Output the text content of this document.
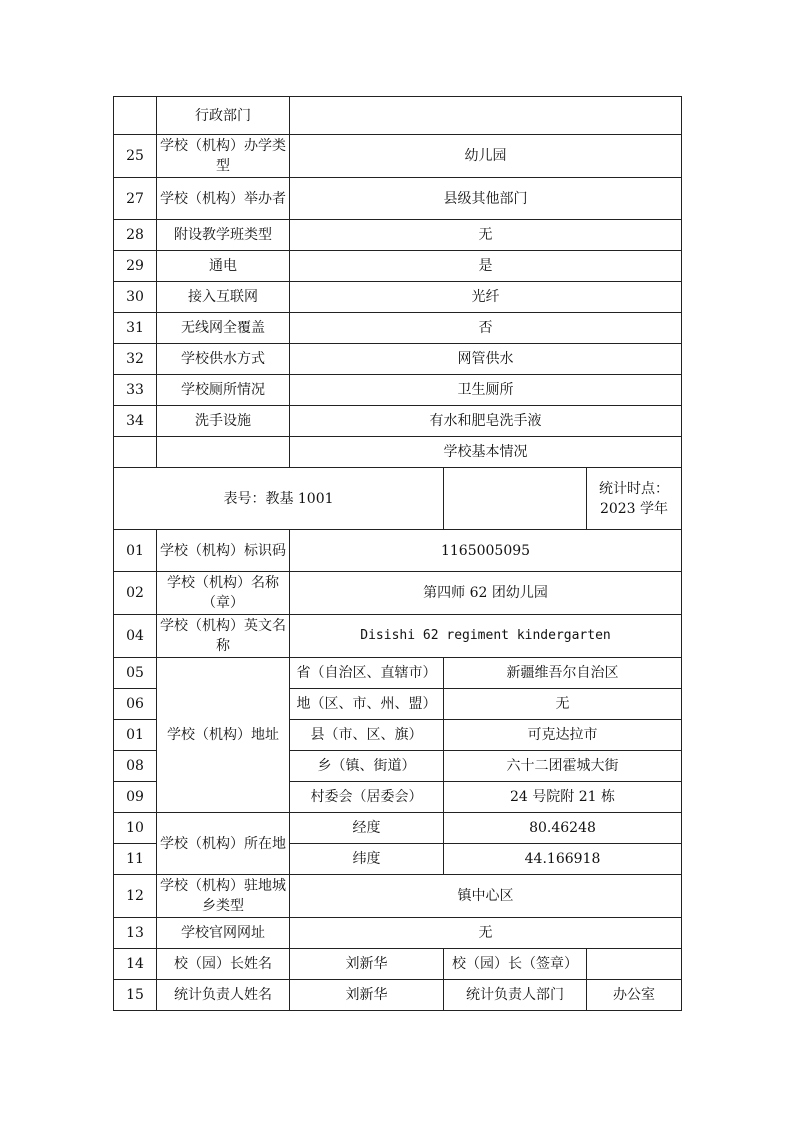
	行政部门			
25	学校（机构）办学类型	幼儿园		
27	学校（机构）举办者	县级其他部门		
28	附设教学班类型	无		
29	通电	是		
30	接入互联网	光纤		
31	无线网全覆盖	否		
32	学校供水方式	网管供水		
33	学校厕所情况	卫生厕所		
34	洗手设施	有水和肥皂洗手液		
		学校基本情况		
表号：教基 1001				统计时点：2023 学年
01	学校（机构）标识码	1165005095		
02	学校（机构）名称（章）	第四师 62 团幼儿园		
04	学校（机构）英文名称	Disishi 62 regiment kindergarten		
05	学校（机构）地址	省（自治区、直辖市）	新疆维吾尔自治区	
06		地（区、市、州、盟）	无	
01		县（市、区、旗）	可克达拉市	
08		乡（镇、街道）	六十二团霍城大街	
09		村委会（居委会）	24 号院附 21 栋	
10	学校（机构）所在地	经度	80.46248	
11		纬度	44.166918	
12	学校（机构）驻地城乡类型	镇中心区		
13	学校官网网址	无		
14	校（园）长姓名	刘新华	校（园）长（签章）	
15	统计负责人姓名	刘新华	统计负责人部门	办公室
